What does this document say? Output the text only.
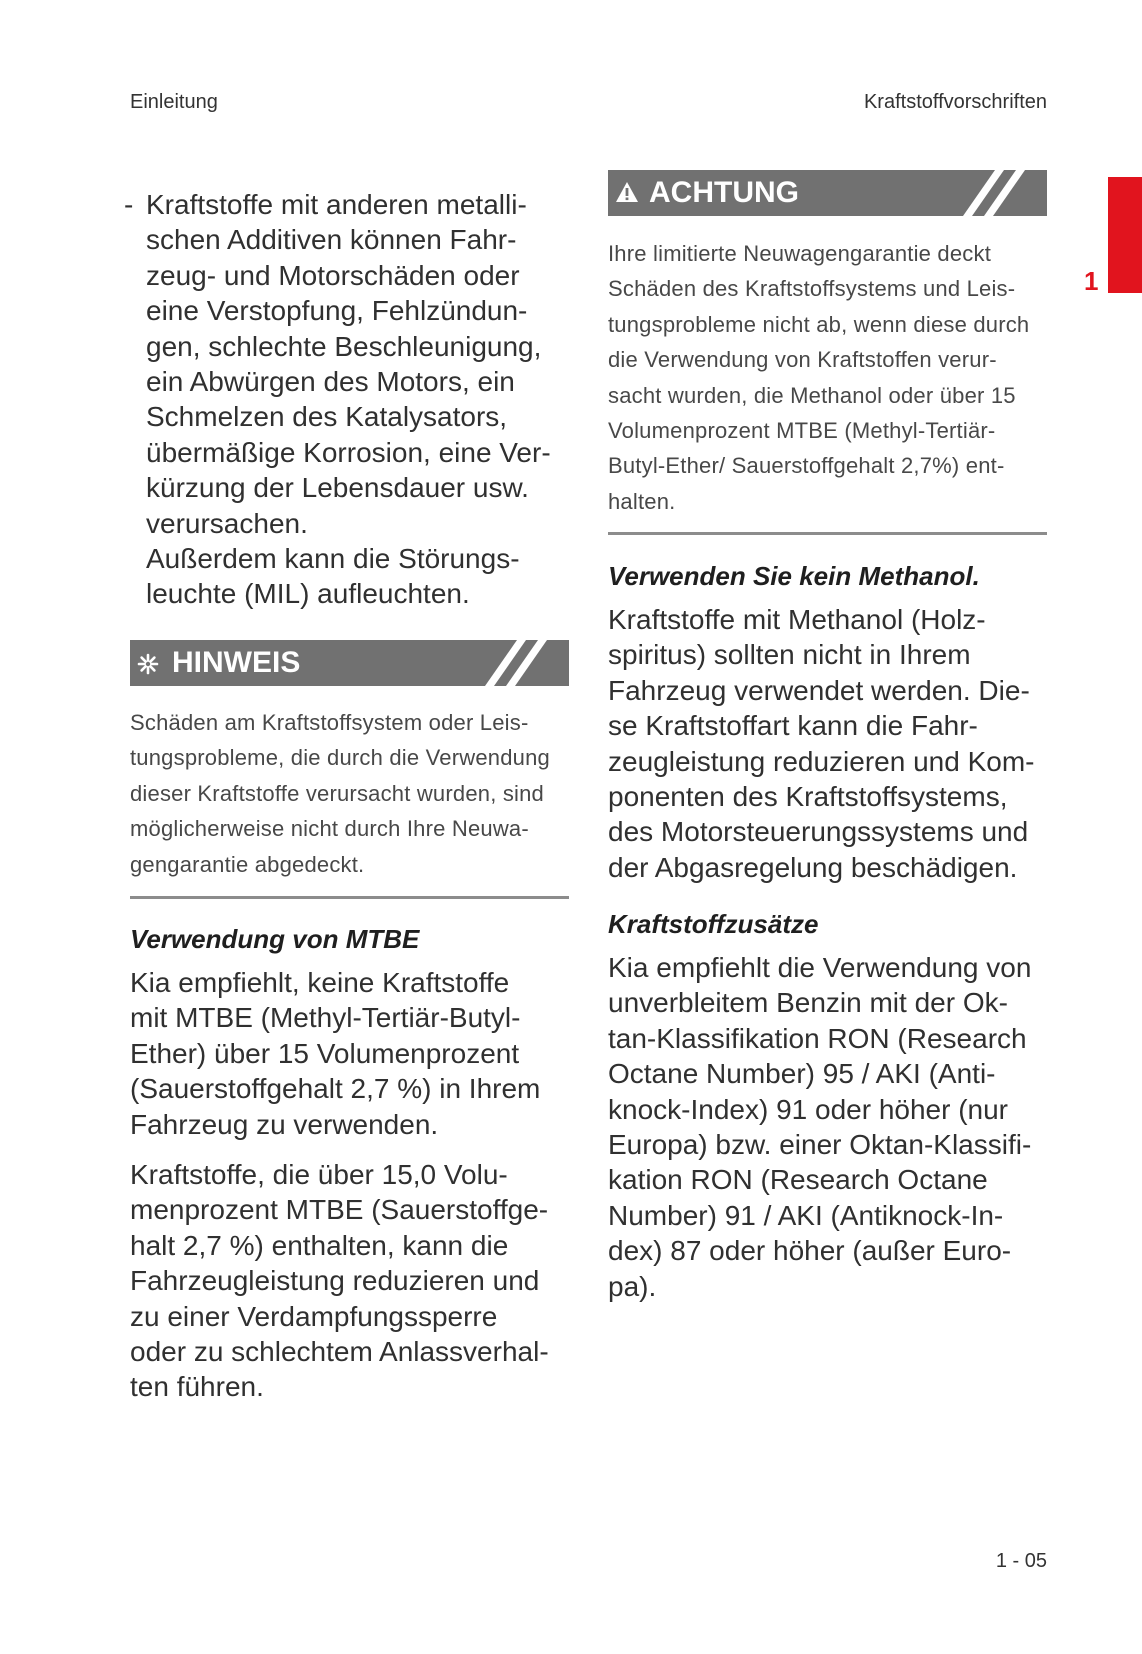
Einleitung	Kraftstoffvorschriften
1
- Kraftstoffe mit anderen metalli-
schen Additiven können Fahr-
zeug- und Motorschäden oder
eine Verstopfung, Fehlzündun-
gen, schlechte Beschleunigung,
ein Abwürgen des Motors, ein
Schmelzen des Katalysators,
übermäßige Korrosion, eine Ver-
kürzung der Lebensdauer usw.
verursachen.
Außerdem kann die Störungs-
leuchte (MIL) aufleuchten.
HINWEIS
Schäden am Kraftstoffsystem oder Leis-
tungsprobleme, die durch die Verwendung
dieser Kraftstoffe verursacht wurden, sind
möglicherweise nicht durch Ihre Neuwa-
gengarantie abgedeckt.
Verwendung von MTBE
Kia empfiehlt, keine Kraftstoffe
mit MTBE (Methyl-Tertiär-Butyl-
Ether) über 15 Volumenprozent
(Sauerstoffgehalt 2,7 %) in Ihrem
Fahrzeug zu verwenden.
Kraftstoffe, die über 15,0 Volu-
menprozent MTBE (Sauerstoffge-
halt 2,7 %) enthalten, kann die
Fahrzeugleistung reduzieren und
zu einer Verdampfungssperre
oder zu schlechtem Anlassverhal-
ten führen.
ACHTUNG
Ihre limitierte Neuwagengarantie deckt
Schäden des Kraftstoffsystems und Leis-
tungsprobleme nicht ab, wenn diese durch
die Verwendung von Kraftstoffen verur-
sacht wurden, die Methanol oder über 15
Volumenprozent MTBE (Methyl-Tertiär-
Butyl-Ether/ Sauerstoffgehalt 2,7%) ent-
halten.
Verwenden Sie kein Methanol.
Kraftstoffe mit Methanol (Holz-
spiritus) sollten nicht in Ihrem
Fahrzeug verwendet werden. Die-
se Kraftstoffart kann die Fahr-
zeugleistung reduzieren und Kom-
ponenten des Kraftstoffsystems,
des Motorsteuerungssystems und
der Abgasregelung beschädigen.
Kraftstoffzusätze
Kia empfiehlt die Verwendung von
unverbleitem Benzin mit der Ok-
tan-Klassifikation RON (Research
Octane Number) 95 / AKI (Anti-
knock-Index) 91 oder höher (nur
Europa) bzw. einer Oktan-Klassifi-
kation RON (Research Octane
Number) 91 / AKI (Antiknock-In-
dex) 87 oder höher (außer Euro-
pa).
1 - 05
